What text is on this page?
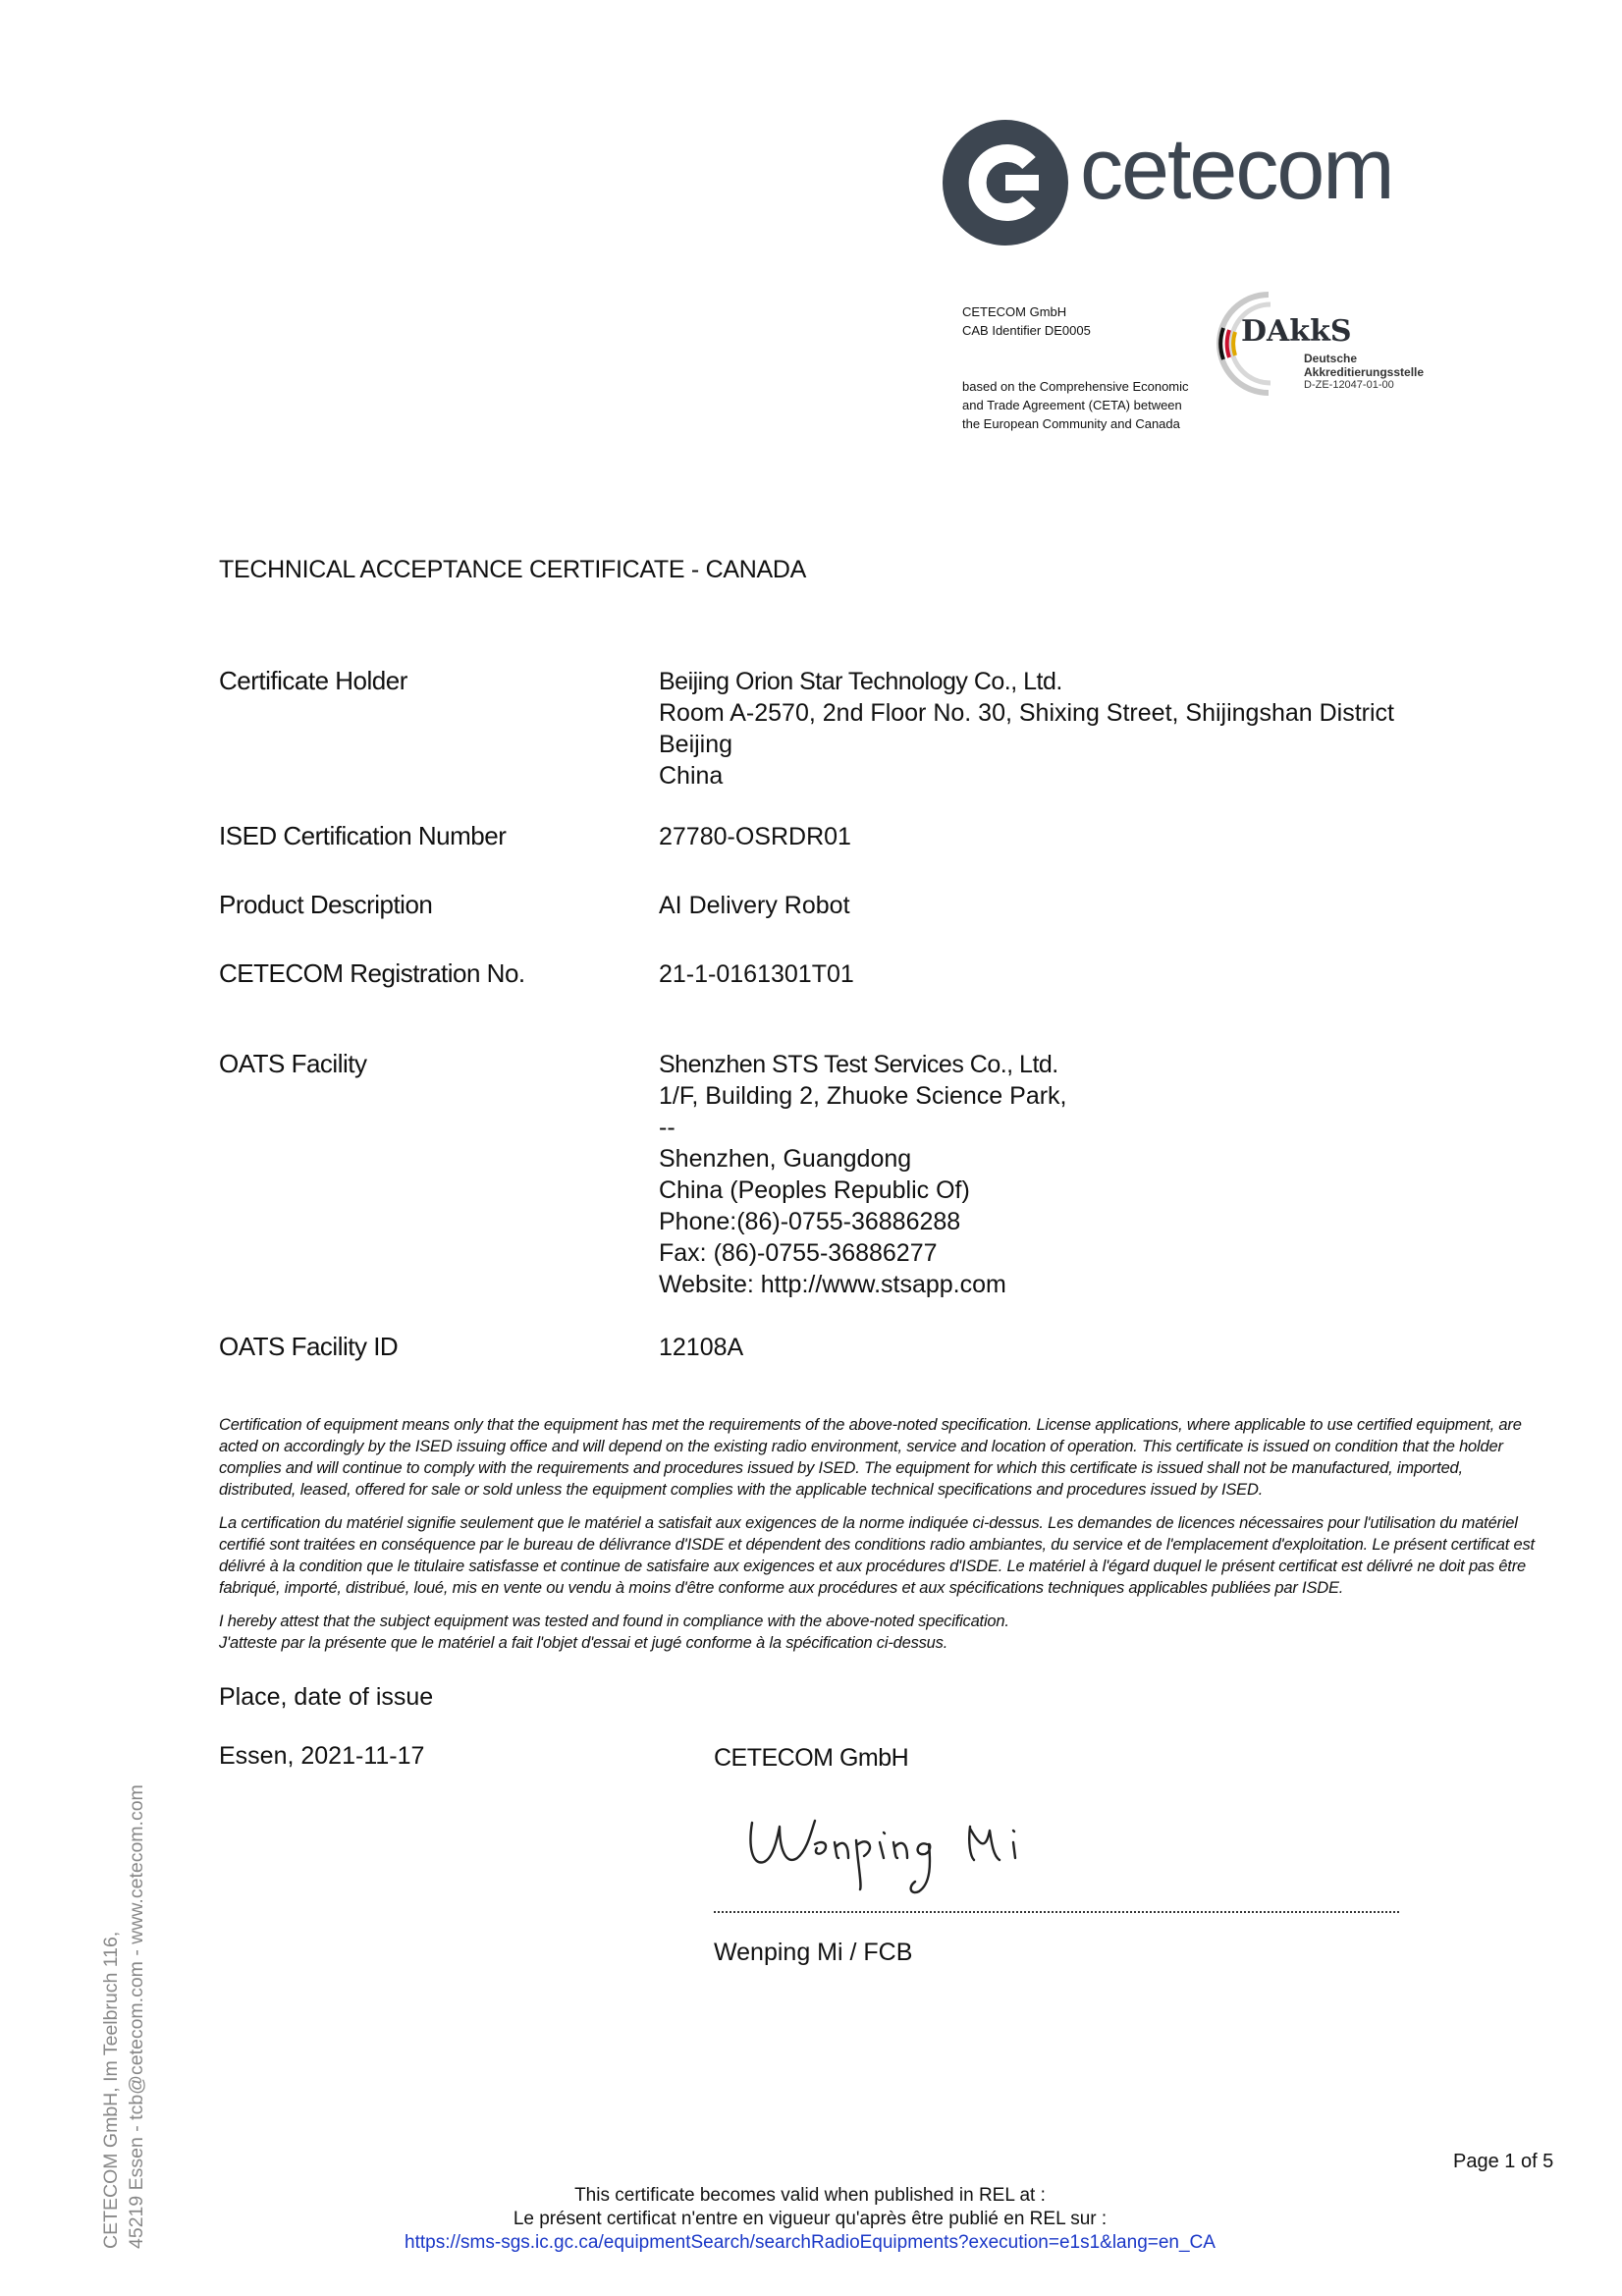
cetecom
CETECOM GmbH
CAB Identifier DE0005
based on the Comprehensive Economic
and Trade Agreement (CETA) between
the European Community and Canada
DAkkS
Deutsche
Akkreditierungsstelle
D-ZE-12047-01-00
TECHNICAL ACCEPTANCE CERTIFICATE - CANADA
Certificate Holder	Beijing Orion Star Technology Co., Ltd.
Room A-2570, 2nd Floor No. 30, Shixing Street, Shijingshan District
Beijing
China
ISED Certification Number	27780-OSRDR01
Product Description	AI Delivery Robot
CETECOM Registration No.	21-1-0161301T01
OATS Facility	Shenzhen STS Test Services Co., Ltd.
1/F, Building 2, Zhuoke Science Park,
--
Shenzhen, Guangdong
China (Peoples Republic Of)
Phone:(86)-0755-36886288
Fax: (86)-0755-36886277
Website: http://www.stsapp.com
OATS Facility ID	12108A

Certification of equipment means only that the equipment has met the requirements of the above-noted specification. License applications, where applicable to use certified equipment, are acted on accordingly by the ISED issuing office and will depend on the existing radio environment, service and location of operation. This certificate is issued on condition that the holder complies and will continue to comply with the requirements and procedures issued by ISED. The equipment for which this certificate is issued shall not be manufactured, imported, distributed, leased, offered for sale or sold unless the equipment complies with the applicable technical specifications and procedures issued by ISED.

La certification du matériel signifie seulement que le matériel a satisfait aux exigences de la norme indiquée ci-dessus. Les demandes de licences nécessaires pour l'utilisation du matériel certifié sont traitées en conséquence par le bureau de délivrance d'ISDE et dépendent des conditions radio ambiantes, du service et de l'emplacement d'exploitation. Le présent certificat est délivré à la condition que le titulaire satisfasse et continue de satisfaire aux exigences et aux procédures d'ISDE. Le matériel à l'égard duquel le présent certificat est délivré ne doit pas être fabriqué, importé, distribué, loué, mis en vente ou vendu à moins d'être conforme aux procédures et aux spécifications techniques applicables publiées par ISDE.

I hereby attest that the subject equipment was tested and found in compliance with the above-noted specification.

J'atteste par la présente que le matériel a fait l'objet d'essai et jugé conforme à la spécification ci-dessus.

Place, date of issue
Essen, 2021-11-17	CETECOM GmbH
Wenping Mi / FCB
CETECOM GmbH, Im Teelbruch 116, 45219 Essen - tcb@cetecom.com - www.cetecom.com	Page 1 of 5
This certificate becomes valid when published in REL at :
Le présent certificat n'entre en vigueur qu'après être publié en REL sur :
https://sms-sgs.ic.gc.ca/equipmentSearch/searchRadioEquipments?execution=e1s1&lang=en_CA
